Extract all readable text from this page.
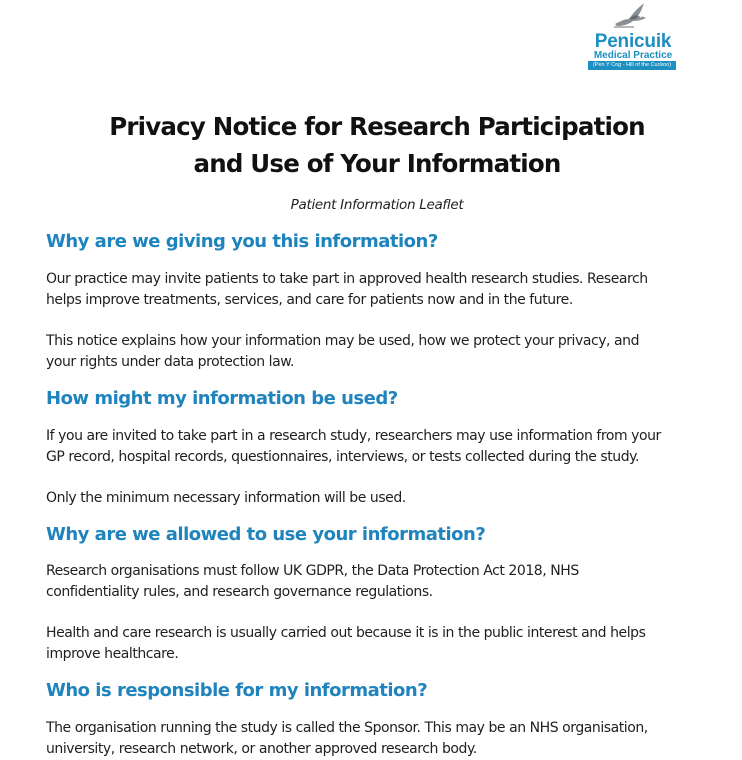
Penicuik
Medical Practice
(Pen Y Cog - Hill of the Cuckoo)
Privacy Notice for Research Participation
and Use of Your Information
Patient Information Leaflet
Why are we giving you this information?
Our practice may invite patients to take part in approved health research studies. Research
helps improve treatments, services, and care for patients now and in the future.
This notice explains how your information may be used, how we protect your privacy, and
your rights under data protection law.
How might my information be used?
If you are invited to take part in a research study, researchers may use information from your
GP record, hospital records, questionnaires, interviews, or tests collected during the study.
Only the minimum necessary information will be used.
Why are we allowed to use your information?
Research organisations must follow UK GDPR, the Data Protection Act 2018, NHS
confidentiality rules, and research governance regulations.
Health and care research is usually carried out because it is in the public interest and helps
improve healthcare.
Who is responsible for my information?
The organisation running the study is called the Sponsor. This may be an NHS organisation,
university, research network, or another approved research body.
